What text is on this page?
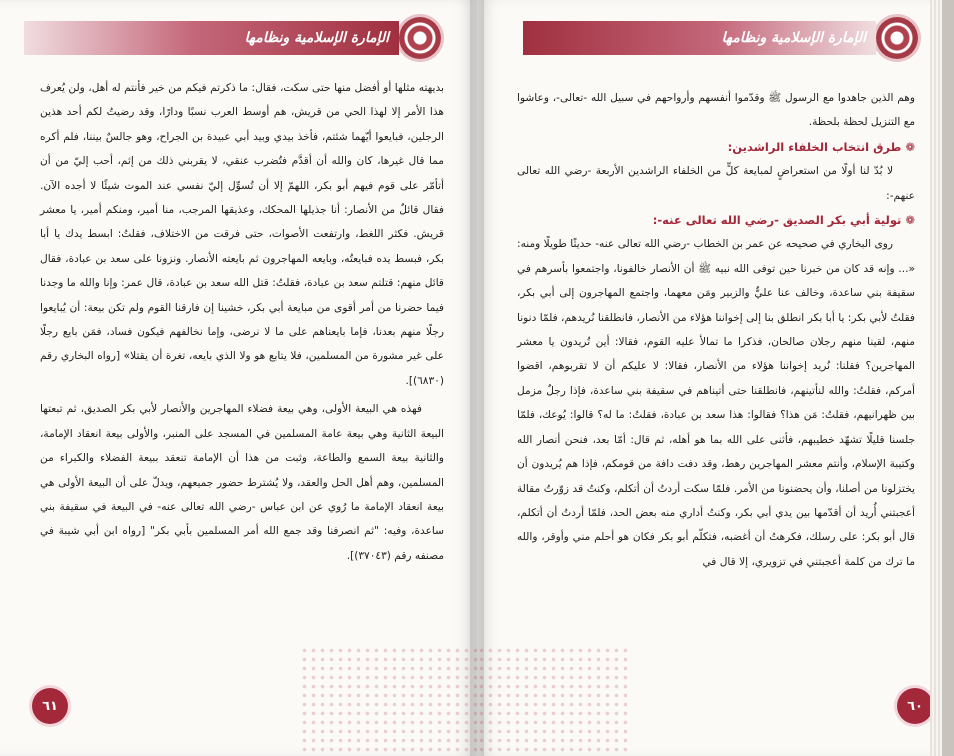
الإمارة الإسلامية ونظامها

بديهته مثلها أو أفضل منها حتى سكت، فقال: ما ذكرتم فيكم من خير فأنتم له أهل، ولن يُعرف هذا الأمر إلا لهذا الحي من قريش، هم أوسط العرب نسبًا ودارًا، وقد رضيتُ لكم أحد هذين الرجلين، فبايعوا أيّهما شئتم، فأخذ بيدي وبيد أبي عبيدة بن الجراح، وهو جالسٌ بيننا، فلم أكره مما قال غيرها، كان والله أن أقدَّم فتُضرب عنقي، لا يقربني ذلك من إثم، أحب إليّ من أن أتأمّر على قوم فيهم أبو بكر، اللهمّ إلا أن تُسوِّل إليّ نفسي عند الموت شيئًا لا أجده الآن. فقال قائلٌ من الأنصار: أنا جذيلها المحكك، وعذيقها المرجب، منا أمير، ومنكم أمير، يا معشر قريش. فكثر اللغط، وارتفعت الأصوات، حتى فرقت من الاختلاف، فقلتُ: ابسط يدك يا أبا بكر، فبسط يده فبايعتُه، وبايعه المهاجرون ثم بايعته الأنصار. ونزونا على سعد بن عبادة، فقال قائل منهم: قتلتم سعد بن عبادة، فقلتُ: قتل الله سعد بن عبادة، قال عمر: وإنا والله ما وجدنا فيما حضرنا من أمر أقوى من مبايعة أبي بكر، خشينا إن فارقنا القوم ولم تكن بيعة: أن يُبايعوا رجلًا منهم بعدنا، فإما بايعناهم على ما لا نرضى، وإما نخالفهم فيكون فساد، فمَن بايع رجلًا على غير مشورة من المسلمين، فلا يتابع هو ولا الذي بايعه، تغرة أن يقتلا» [رواه البخاري رقم (٦٨٣٠)].

فهذه هي البيعة الأولى، وهي بيعة فضلاء المهاجرين والأنصار لأبي بكر الصديق، ثم تبعتها البيعة الثانية وهي بيعة عامة المسلمين في المسجد على المنبر، والأولى بيعة انعقاد الإمامة، والثانية بيعة السمع والطاعة، وثبت من هذا أن الإمامة تنعقد ببيعة الفضلاء والكبراء من المسلمين، وهم أهل الحل والعقد، ولا يُشترط حضور جميعهم، ويدلّ على أن البيعة الأولى هي بيعة انعقاد الإمامة ما رُوي عن ابن عباس -رضي الله تعالى عنه- في البيعة في سقيفة بني ساعدة، وفيه: "ثم انصرفنا وقد جمع الله أمر المسلمين بأبي بكر" [رواه ابن أبي شيبة في مصنفه رقم (٣٧٠٤٣)].

٦١
الإمارة الإسلامية ونظامها

وهم الذين جاهدوا مع الرسول ﷺ وقدّموا أنفسهم وأرواحهم في سبيل الله -تعالى-، وعاشوا مع التنزيل لحظة بلحظة.

❁طرق انتخاب الخلفاء الراشدين:

لا بُدّ لنا أولًا من استعراضٍ لمبايعة كلٍّ من الخلفاء الراشدين الأربعة -رضي الله تعالى عنهم-:

❁تولية أبي بكر الصديق -رضي الله تعالى عنه-:

روى البخاري في صحيحه عن عمر بن الخطاب -رضي الله تعالى عنه- حديثًا طويلًا ومنه: «... وإنه قد كان من خبرنا حين توفى الله نبيه ﷺ أن الأنصار خالفونا، واجتمعوا بأسرهم في سقيفة بني ساعدة، وخالف عنا عليٌّ والزبير ومَن معهما، واجتمع المهاجرون إلى أبي بكر، فقلتُ لأبي بكر: يا أبا بكر انطلق بنا إلى إخواننا هؤلاء من الأنصار، فانطلقنا نُريدهم، فلمّا دنونا منهم، لقينا منهم رجلان صالحان، فذكرا ما تمالأ عليه القوم، فقالا: أين تُريدون يا معشر المهاجرين؟ فقلنا: نُريد إخواننا هؤلاء من الأنصار، فقالا: لا عليكم أن لا تقربوهم، اقضوا أمركم، فقلتُ: والله لنأتينهم، فانطلقنا حتى أتيناهم في سقيفة بني ساعدة، فإذا رجلٌ مزمل بين ظهرانيهم، فقلتُ: مَن هذا؟ فقالوا: هذا سعد بن عبادة، فقلتُ: ما له؟ قالوا: يُوعك، فلمّا جلسنا قليلًا تشهّد خطيبهم، فأثنى على الله بما هو أهله، ثم قال: أمّا بعد، فنحن أنصار الله وكتيبة الإسلام، وأنتم معشر المهاجرين رهط، وقد دفت دافة من قومكم، فإذا هم يُريدون أن يختزلونا من أصلنا، وأن يحضنونا من الأمر. فلمّا سكت أردتُ أن أتكلم، وكنتُ قد زوّرتُ مقالة أعجبتني أُريد أن أقدّمها بين يدي أبي بكر، وكنتُ أداري منه بعض الحد، فلمّا أردتُ أن أتكلم، قال أبو بكر: على رسلك، فكرهتُ أن أغضبه، فتكلّم أبو بكر فكان هو أحلم مني وأوقر، والله ما ترك من كلمة أعجبتني في تزويري، إلا قال في

٦٠
